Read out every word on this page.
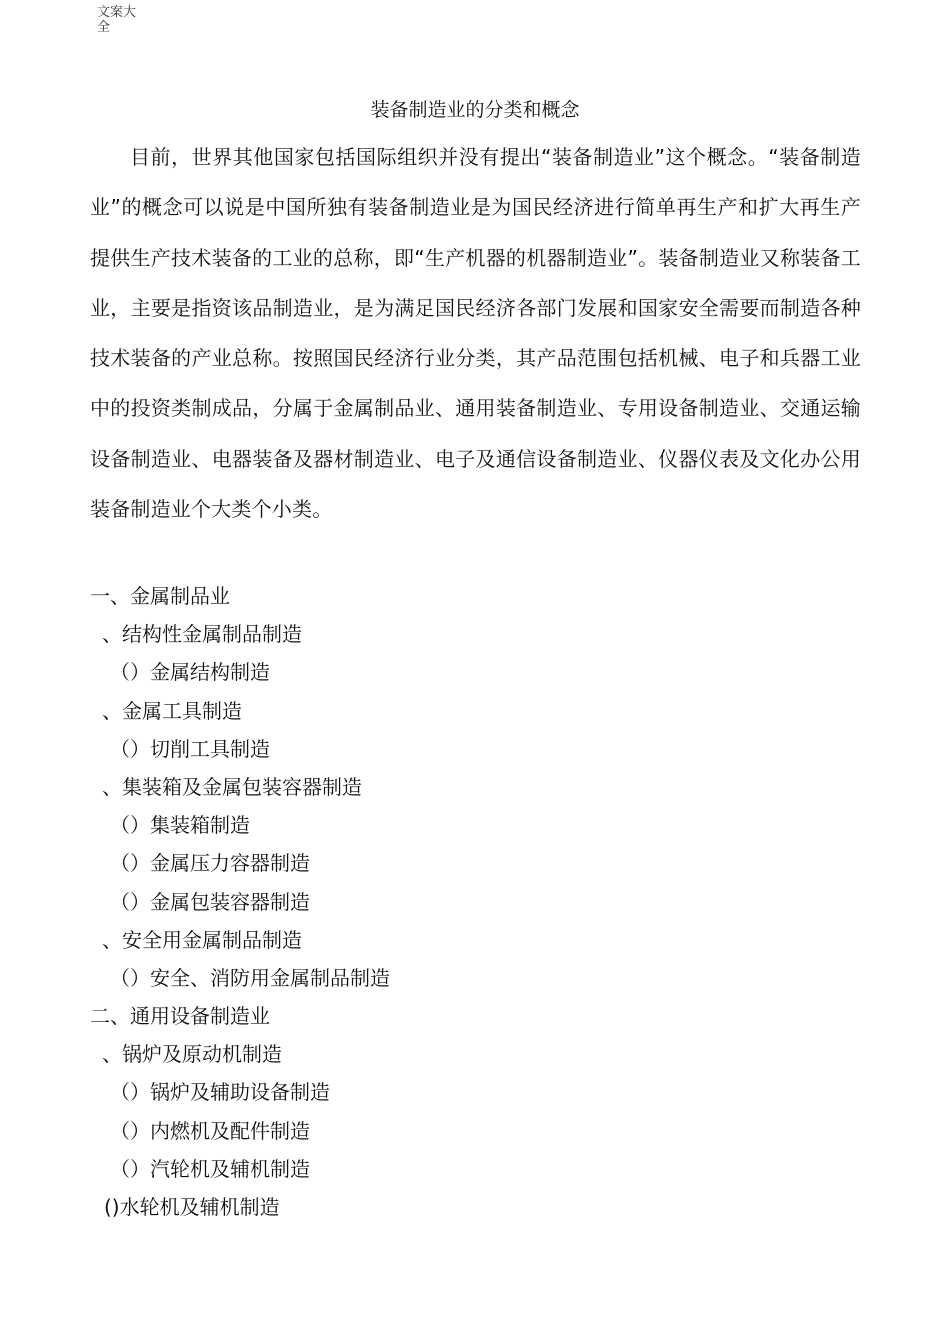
文案大全
装备制造业的分类和概念

目前，世界其他国家包括国际组织并没有提出“装备制造业”这个概念。“装备制造业”的概念可以说是中国所独有装备制造业是为国民经济进行简单再生产和扩大再生产提供生产技术装备的工业的总称，即“生产机器的机器制造业”。装备制造业又称装备工业，主要是指资该品制造业，是为满足国民经济各部门发展和国家安全需要而制造各种技术装备的产业总称。按照国民经济行业分类，其产品范围包括机械、电子和兵器工业中的投资类制成品，分属于金属制品业、通用装备制造业、专用设备制造业、交通运输设备制造业、电器装备及器材制造业、电子及通信设备制造业、仪器仪表及文化办公用装备制造业个大类个小类。

一、金属制品业
、结构性金属制品制造
（）金属结构制造
、金属工具制造
（）切削工具制造
、集装箱及金属包装容器制造
（）集装箱制造
（）金属压力容器制造
（）金属包装容器制造
、安全用金属制品制造
（）安全、消防用金属制品制造
二、通用设备制造业
、锅炉及原动机制造
（）锅炉及辅助设备制造
（）内燃机及配件制造
（）汽轮机及辅机制造
()水轮机及辅机制造
